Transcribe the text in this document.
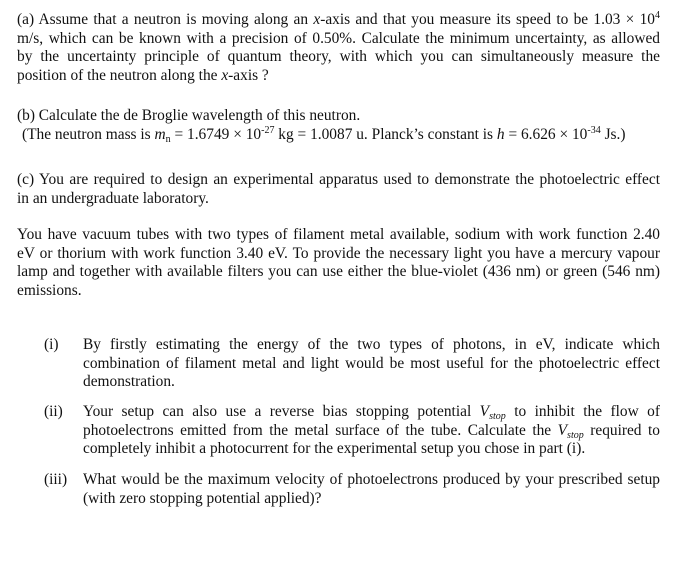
(a) Assume that a neutron is moving along an x-axis and that you measure its speed to be $1.03 \times 10^4$
m/s, which can be known with a precision of 0.50%. Calculate the minimum uncertainty, as allowed
by the uncertainty principle of quantum theory, with which you can simultaneously measure the
position of the neutron along the x-axis ?
(b) Calculate the de Broglie wavelength of this neutron.
(The neutron mass is $m_n = 1.6749 \times 10^{-27}$ kg = 1.0087 u. Planck’s constant is $h = 6.626 \times 10^{-34}$ Js.)
(c) You are required to design an experimental apparatus used to demonstrate the photoelectric effect
in an undergraduate laboratory.
You have vacuum tubes with two types of filament metal available, sodium with work function 2.40
eV or thorium with work function 3.40 eV. To provide the necessary light you have a mercury vapour
lamp and together with available filters you can use either the blue-violet (436 nm) or green (546 nm)
emissions.
(i)	By firstly estimating the energy of the two types of photons, in eV, indicate which
combination of filament metal and light would be most useful for the photoelectric effect
demonstration.
(ii)	Your setup can also use a reverse bias stopping potential $V_{stop}$ to inhibit the flow of
photoelectrons emitted from the metal surface of the tube. Calculate the $V_{stop}$ required to
completely inhibit a photocurrent for the experimental setup you chose in part (i).
(iii)	What would be the maximum velocity of photoelectrons produced by your prescribed setup
(with zero stopping potential applied)?
